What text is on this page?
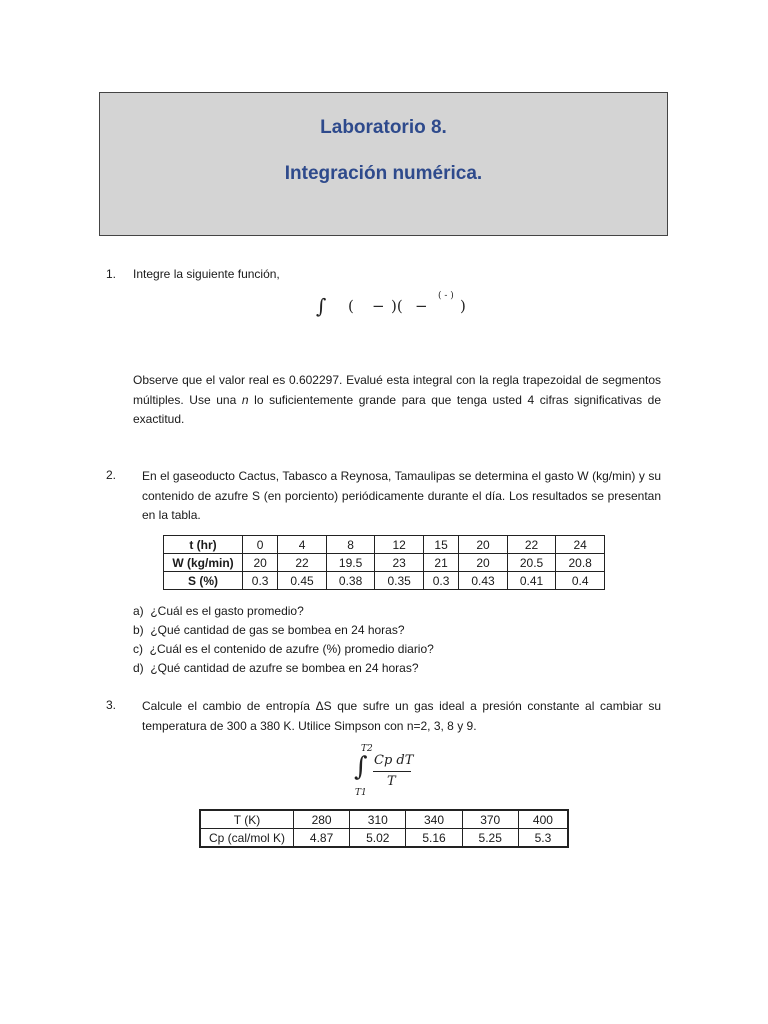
Laboratorio 8.
Integración numérica.
1. Integre la siguiente función,
∫ ( − )( −
( - )
)
Observe que el valor real es 0.602297. Evalué esta integral con la regla trapezoidal de segmentos múltiples. Use una n lo suficientemente grande para que tenga usted 4 cifras significativas de exactitud.
2. En el gaseoducto Cactus, Tabasco a Reynosa, Tamaulipas se determina el gasto W (kg/min) y su contenido de azufre S (en porciento) periódicamente durante el día. Los resultados se presentan en la tabla.
t (hr)	0	4	8	12	15	20	22	24
W (kg/min)	20	22	19.5	23	21	20	20.5	20.8
S (%)	0.3	0.45	0.38	0.35	0.3	0.43	0.41	0.4
a) ¿Cuál es el gasto promedio?
b) ¿Qué cantidad de gas se bombea en 24 horas?
c) ¿Cuál es el contenido de azufre (%) promedio diario?
d) ¿Qué cantidad de azufre se bombea en 24 horas?
3. Calcule el cambio de entropía ΔS que sufre un gas ideal a presión constante al cambiar su temperatura de 300 a 380 K. Utilice Simpson con n=2, 3, 8 y 9.
T2
∫
T1
Cp dT
T
T (K)	280	310	340	370	400
Cp (cal/mol K)	4.87	5.02	5.16	5.25	5.3
